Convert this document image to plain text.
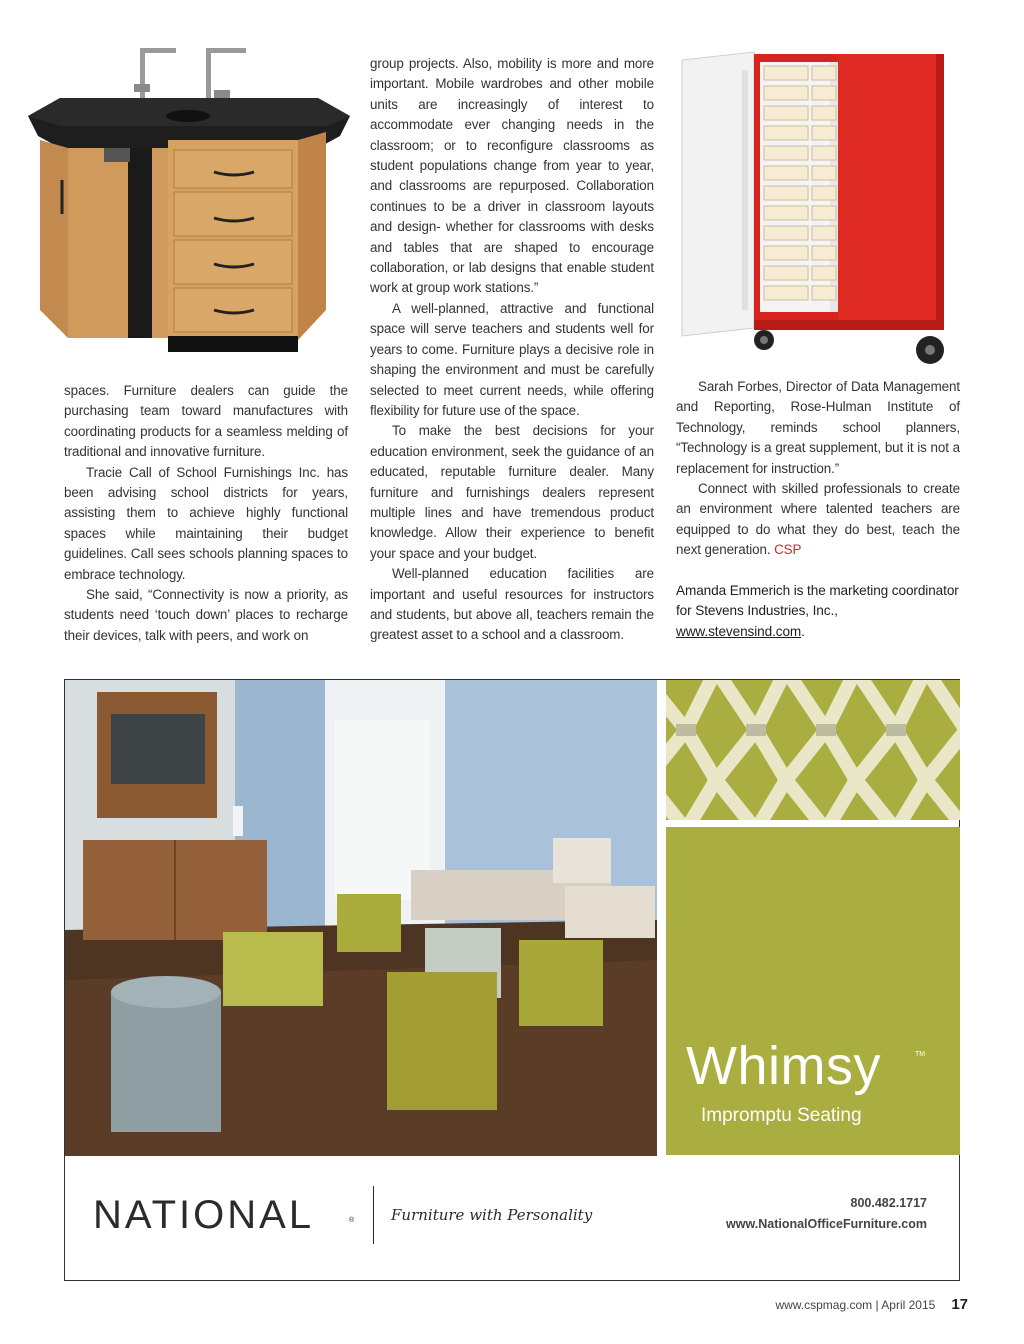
spaces. Furniture dealers can guide the purchasing team toward manufactures with coordinating products for a seamless melding of traditional and innovative furniture.

Tracie Call of School Furnishings Inc. has been advising school districts for years, assisting them to achieve highly functional spaces while maintaining their budget guidelines. Call sees schools planning spaces to embrace technology.

She said, “Connectivity is now a priority, as students need ‘touch down’ places to recharge their devices, talk with peers, and work on

group projects. Also, mobility is more and more important. Mobile wardrobes and other mobile units are increasingly of interest to accommodate ever changing needs in the classroom; or to reconfigure classrooms as student populations change from year to year, and classrooms are repurposed. Collaboration continues to be a driver in classroom layouts and design- whether for classrooms with desks and tables that are shaped to encourage collaboration, or lab designs that enable student work at group work stations.”

A well-planned, attractive and functional space will serve teachers and students well for years to come. Furniture plays a decisive role in shaping the environment and must be carefully selected to meet current needs, while offering flexibility for future use of the space.

To make the best decisions for your education environment, seek the guidance of an educated, reputable furniture dealer. Many furniture and furnishings dealers represent multiple lines and have tremendous product knowledge. Allow their experience to benefit your space and your budget.

Well-planned education facilities are important and useful resources for instructors and students, but above all, teachers remain the greatest asset to a school and a classroom.

Sarah Forbes, Director of Data Management and Reporting, Rose-Hulman Institute of Technology, reminds school planners, “Technology is a great supplement, but it is not a replacement for instruction.”

Connect with skilled professionals to create an environment where talented teachers are equipped to do what they do best, teach the next generation. CSP

Amanda Emmerich is the marketing coordinator for Stevens Industries, Inc., www.stevensind.com.

Whimsy	TM
Impromptu Seating
NATIONAL	® Furniture with Personality
800.482.1717
www.NationalOfficeFurniture.com
www.cspmag.com | April 2015 17
